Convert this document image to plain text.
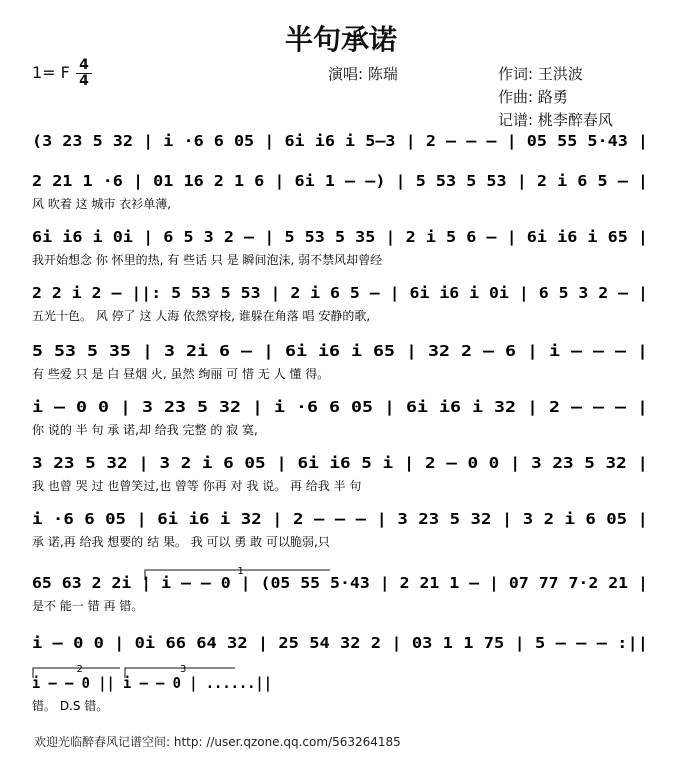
半句承诺
1= F 4
4	演唱: 陈瑞	作词: 王洪波
作曲: 路勇
记谱: 桃李醉春风
(3 23 5 32 | i ·6 6 05 | 6i i6 i 5—3 | 2 — — — | 05 55 5·43 |
2 21 1 ·6 | 01 16 2 1 6 | 6i 1 — —) | 5 53 5 53 | 2 i 6 5 — |
风 吹着 这 城市 衣衫单薄,
6i i6 i 0i | 6 5 3 2 — | 5 53 5 35 | 2 i 5 6 — | 6i i6 i 65 |
我开始想念 你 怀里的热, 有 些话 只 是 瞬间泡沫, 弱不禁风却曾经
2 2 i 2 — ||: 5 53 5 53 | 2 i 6 5 — | 6i i6 i 0i | 6 5 3 2 — |
五光十色。 风 停了 这 人海 依然穿梭, 谁躲在角落 唱 安静的歌,
5 53 5 35 | 3 2i 6 — | 6i i6 i 65 | 32 2 — 6 | i — — — |
有 些爱 只 是 白 昼烟 火, 虽然 绚丽 可 惜 无 人 懂 得。
i — 0 0 | 3 23 5 32 | i ·6 6 05 | 6i i6 i 32 | 2 — — — |
你 说的 半 句 承 诺,却 给我 完整 的 寂 寞,
3 23 5 32 | 3 2 i 6 05 | 6i i6 5 i | 2 — 0 0 | 3 23 5 32 |
我 也曾 哭 过 也曾笑过,也 曾等 你再 对 我 说。 再 给我 半 句
i ·6 6 05 | 6i i6 i 32 | 2 — — — | 3 23 5 32 | 3 2 i 6 05 |
承 诺,再 给我 想要的 结 果。 我 可以 勇 敢 可以脆弱,只
65 63 2 2i | i — — 0 | (05 55 5·43 | 2 21 1 — | 07 77 7·2 21 |
是不 能一 错 再 错。
i — 0 0 | 0i 66 64 32 | 25 54 32 2 | 03 1 1 75 | 5 — — — :||
i — — 0 || i — — 0 | ......||
错。 D.S 错。
1
2	3
欢迎光临醉春风记谱空间: http: //user.qzone.qq.com/563264185
